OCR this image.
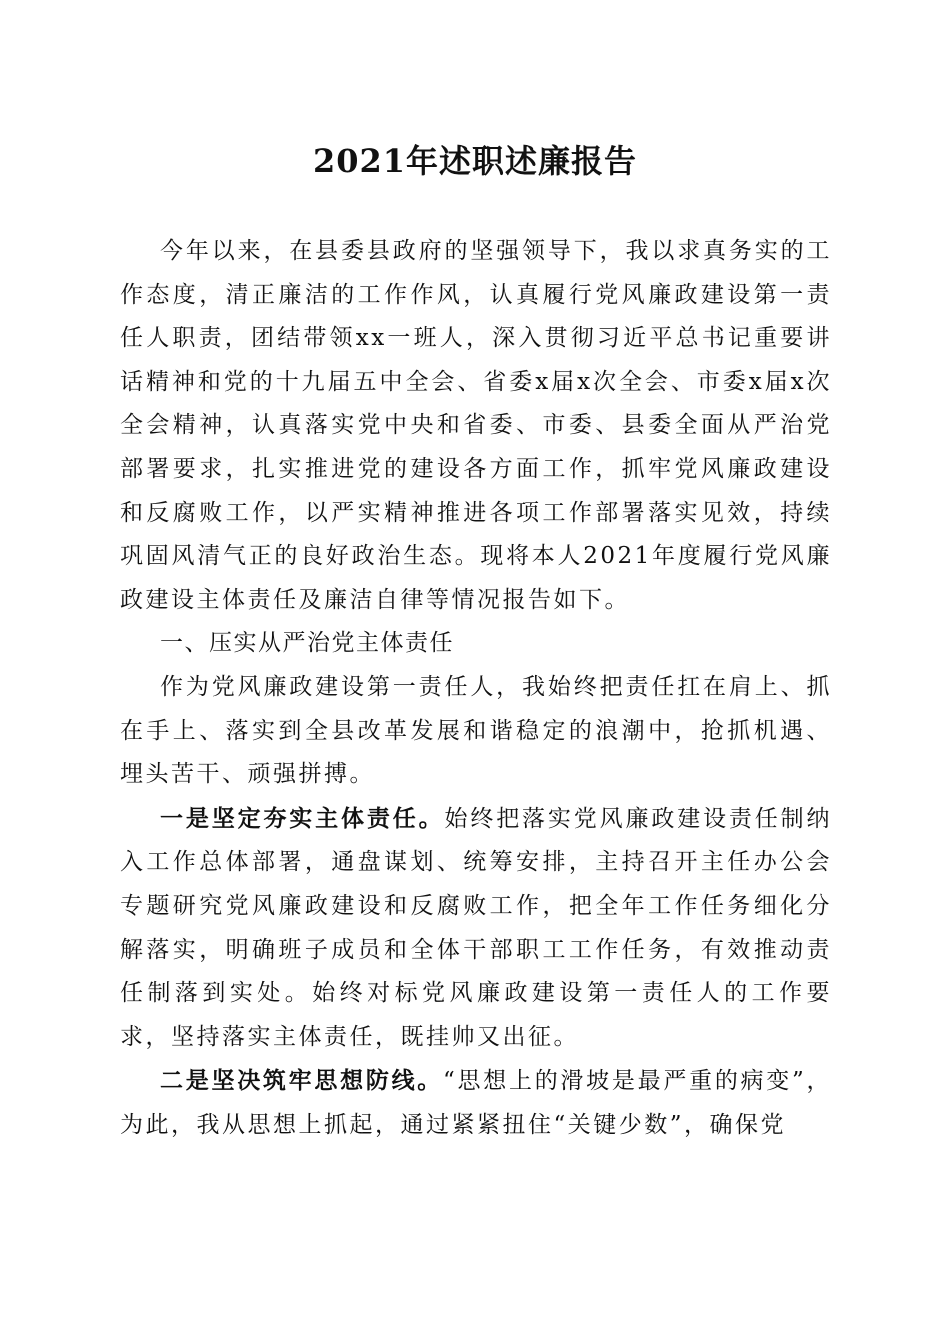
2021年述职述廉报告

今年以来，在县委县政府的坚强领导下，我以求真务实的工作态度，清正廉洁的工作作风，认真履行党风廉政建设第一责任人职责，团结带领xx一班人，深入贯彻习近平总书记重要讲话精神和党的十九届五中全会、省委x届x次全会、市委x届x次全会精神，认真落实党中央和省委、市委、县委全面从严治党部署要求，扎实推进党的建设各方面工作，抓牢党风廉政建设和反腐败工作，以严实精神推进各项工作部署落实见效，持续巩固风清气正的良好政治生态。现将本人2021年度履行党风廉政建设主体责任及廉洁自律等情况报告如下。

一、压实从严治党主体责任

作为党风廉政建设第一责任人，我始终把责任扛在肩上、抓在手上、落实到全县改革发展和谐稳定的浪潮中，抢抓机遇、埋头苦干、顽强拼搏。

一是坚定夯实主体责任。始终把落实党风廉政建设责任制纳入工作总体部署，通盘谋划、统筹安排，主持召开主任办公会专题研究党风廉政建设和反腐败工作，把全年工作任务细化分解落实，明确班子成员和全体干部职工工作任务，有效推动责任制落到实处。始终对标党风廉政建设第一责任人的工作要求，坚持落实主体责任，既挂帅又出征。

二是坚决筑牢思想防线。“思想上的滑坡是最严重的病变”，为此，我从思想上抓起，通过紧紧扭住“关键少数”，确保党
